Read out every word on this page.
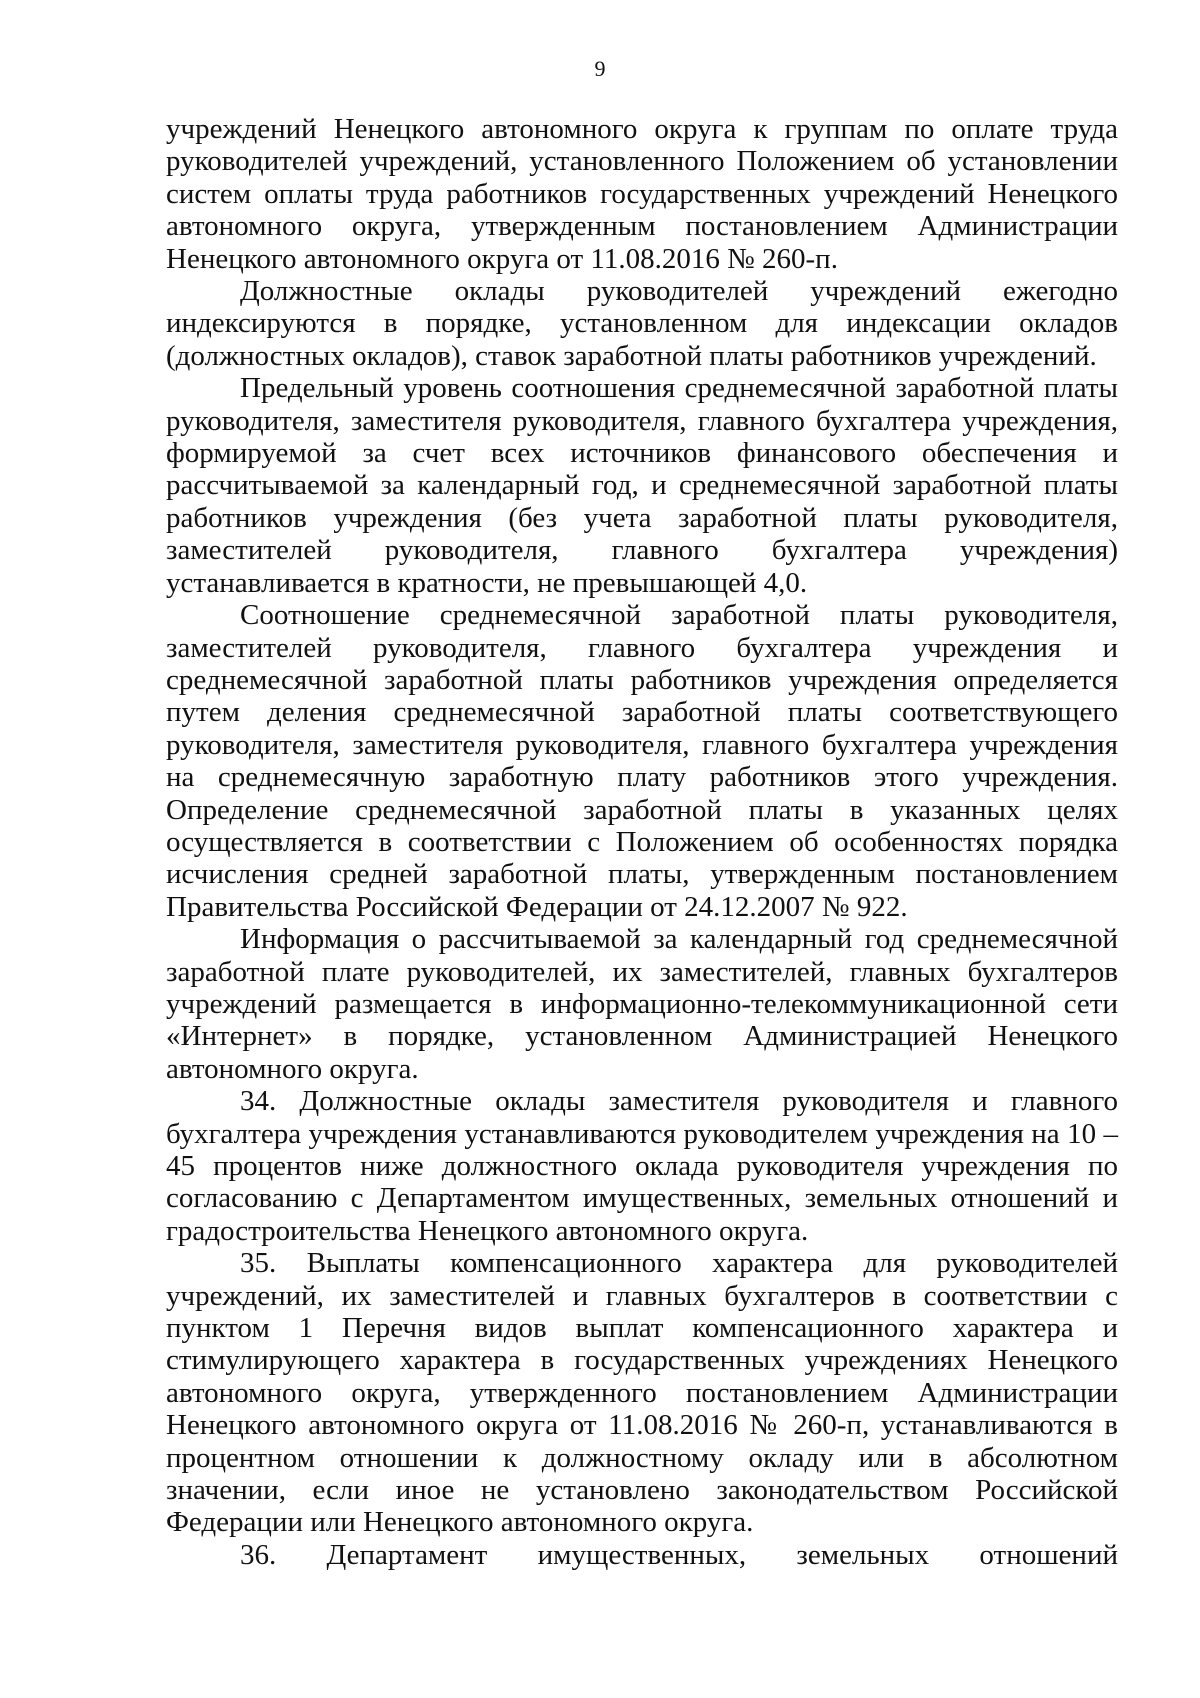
9

учреждений Ненецкого автономного округа к группам по оплате труда руководителей учреждений, установленного Положением об установлении систем оплаты труда работников государственных учреждений Ненецкого автономного округа, утвержденным постановлением Администрации Ненецкого автономного округа от 11.08.2016 № 260-п.

Должностные оклады руководителей учреждений ежегодно индексируются в порядке, установленном для индексации окладов (должностных окладов), ставок заработной платы работников учреждений.

Предельный уровень соотношения среднемесячной заработной платы руководителя, заместителя руководителя, главного бухгалтера учреждения, формируемой за счет всех источников финансового обеспечения и рассчитываемой за календарный год, и среднемесячной заработной платы работников учреждения (без учета заработной платы руководителя, заместителей руководителя, главного бухгалтера учреждения) устанавливается в кратности, не превышающей 4,0.

Соотношение среднемесячной заработной платы руководителя, заместителей руководителя, главного бухгалтера учреждения и среднемесячной заработной платы работников учреждения определяется путем деления среднемесячной заработной платы соответствующего руководителя, заместителя руководителя, главного бухгалтера учреждения на среднемесячную заработную плату работников этого учреждения. Определение среднемесячной заработной платы в указанных целях осуществляется в соответствии с Положением об особенностях порядка исчисления средней заработной платы, утвержденным постановлением Правительства Российской Федерации от 24.12.2007 № 922.

Информация о рассчитываемой за календарный год среднемесячной заработной плате руководителей, их заместителей, главных бухгалтеров учреждений размещается в информационно-телекоммуникационной сети «Интернет» в порядке, установленном Администрацией Ненецкого автономного округа.

34. Должностные оклады заместителя руководителя и главного бухгалтера учреждения устанавливаются руководителем учреждения на 10 – 45 процентов ниже должностного оклада руководителя учреждения по согласованию с Департаментом имущественных, земельных отношений и градостроительства Ненецкого автономного округа.

35. Выплаты компенсационного характера для руководителей учреждений, их заместителей и главных бухгалтеров в соответствии с пунктом 1 Перечня видов выплат компенсационного характера и стимулирующего характера в государственных учреждениях Ненецкого автономного округа, утвержденного постановлением Администрации Ненецкого автономного округа от 11.08.2016 № 260-п, устанавливаются в процентном отношении к должностному окладу или в абсолютном значении, если иное не установлено законодательством Российской Федерации или Ненецкого автономного округа.

36. Департамент имущественных, земельных отношений
